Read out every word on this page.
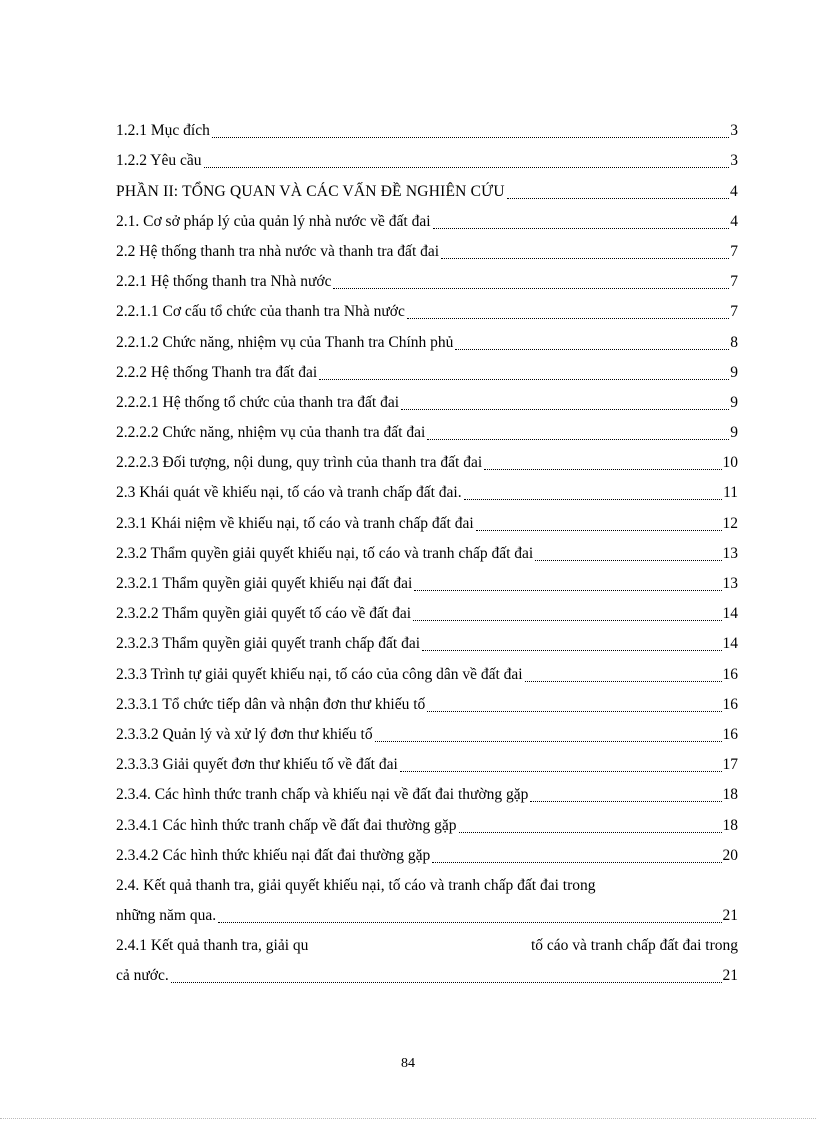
1.2.1 Mục đích	3
1.2.2 Yêu cầu	3
PHẦN II: TỔNG QUAN VÀ CÁC VẤN ĐỀ NGHIÊN CỨU	4
2.1. Cơ sở pháp lý của quản lý nhà nước về đất đai	4
2.2 Hệ thống thanh tra nhà nước và thanh tra đất đai	7
2.2.1 Hệ thống thanh tra Nhà nước	7
2.2.1.1 Cơ cấu tổ chức của thanh tra Nhà nước	7
2.2.1.2 Chức năng, nhiệm vụ của Thanh tra Chính phủ	8
2.2.2 Hệ thống Thanh tra đất đai	9
2.2.2.1 Hệ thống tổ chức của thanh tra đất đai	9
2.2.2.2 Chức năng, nhiệm vụ của thanh tra đất đai	9
2.2.2.3 Đối tượng, nội dung, quy trình của thanh tra đất đai	10
2.3 Khái quát về khiếu nại, tố cáo và tranh chấp đất đai.	11
2.3.1 Khái niệm về khiếu nại, tố cáo và tranh chấp đất đai	12
2.3.2 Thẩm quyền giải quyết khiếu nại, tố cáo và tranh chấp đất đai	13
2.3.2.1 Thẩm quyền giải quyết khiếu nại đất đai	13
2.3.2.2 Thẩm quyền giải quyết tố cáo về đất đai	14
2.3.2.3 Thẩm quyền giải quyết tranh chấp đất đai	14
2.3.3 Trình tự giải quyết khiếu nại, tố cáo của công dân về đất đai	16
2.3.3.1 Tổ chức tiếp dân và nhận đơn thư khiếu tố	16
2.3.3.2 Quản lý và xử lý đơn thư khiếu tố	16
2.3.3.3 Giải quyết đơn thư khiếu tố về đất đai	17
2.3.4. Các hình thức tranh chấp và khiếu nại về đất đai thường gặp	18
2.3.4.1 Các hình thức tranh chấp về đất đai thường gặp	18
2.3.4.2 Các hình thức khiếu nại đất đai thường gặp	20
2.4. Kết quả thanh tra, giải quyết khiếu nại, tố cáo và tranh chấp đất đai trong
những năm qua.	21
2.4.1 Kết quả thanh tra, giải qu	tố cáo và tranh chấp đất đai trong
cả nước.	21
84
